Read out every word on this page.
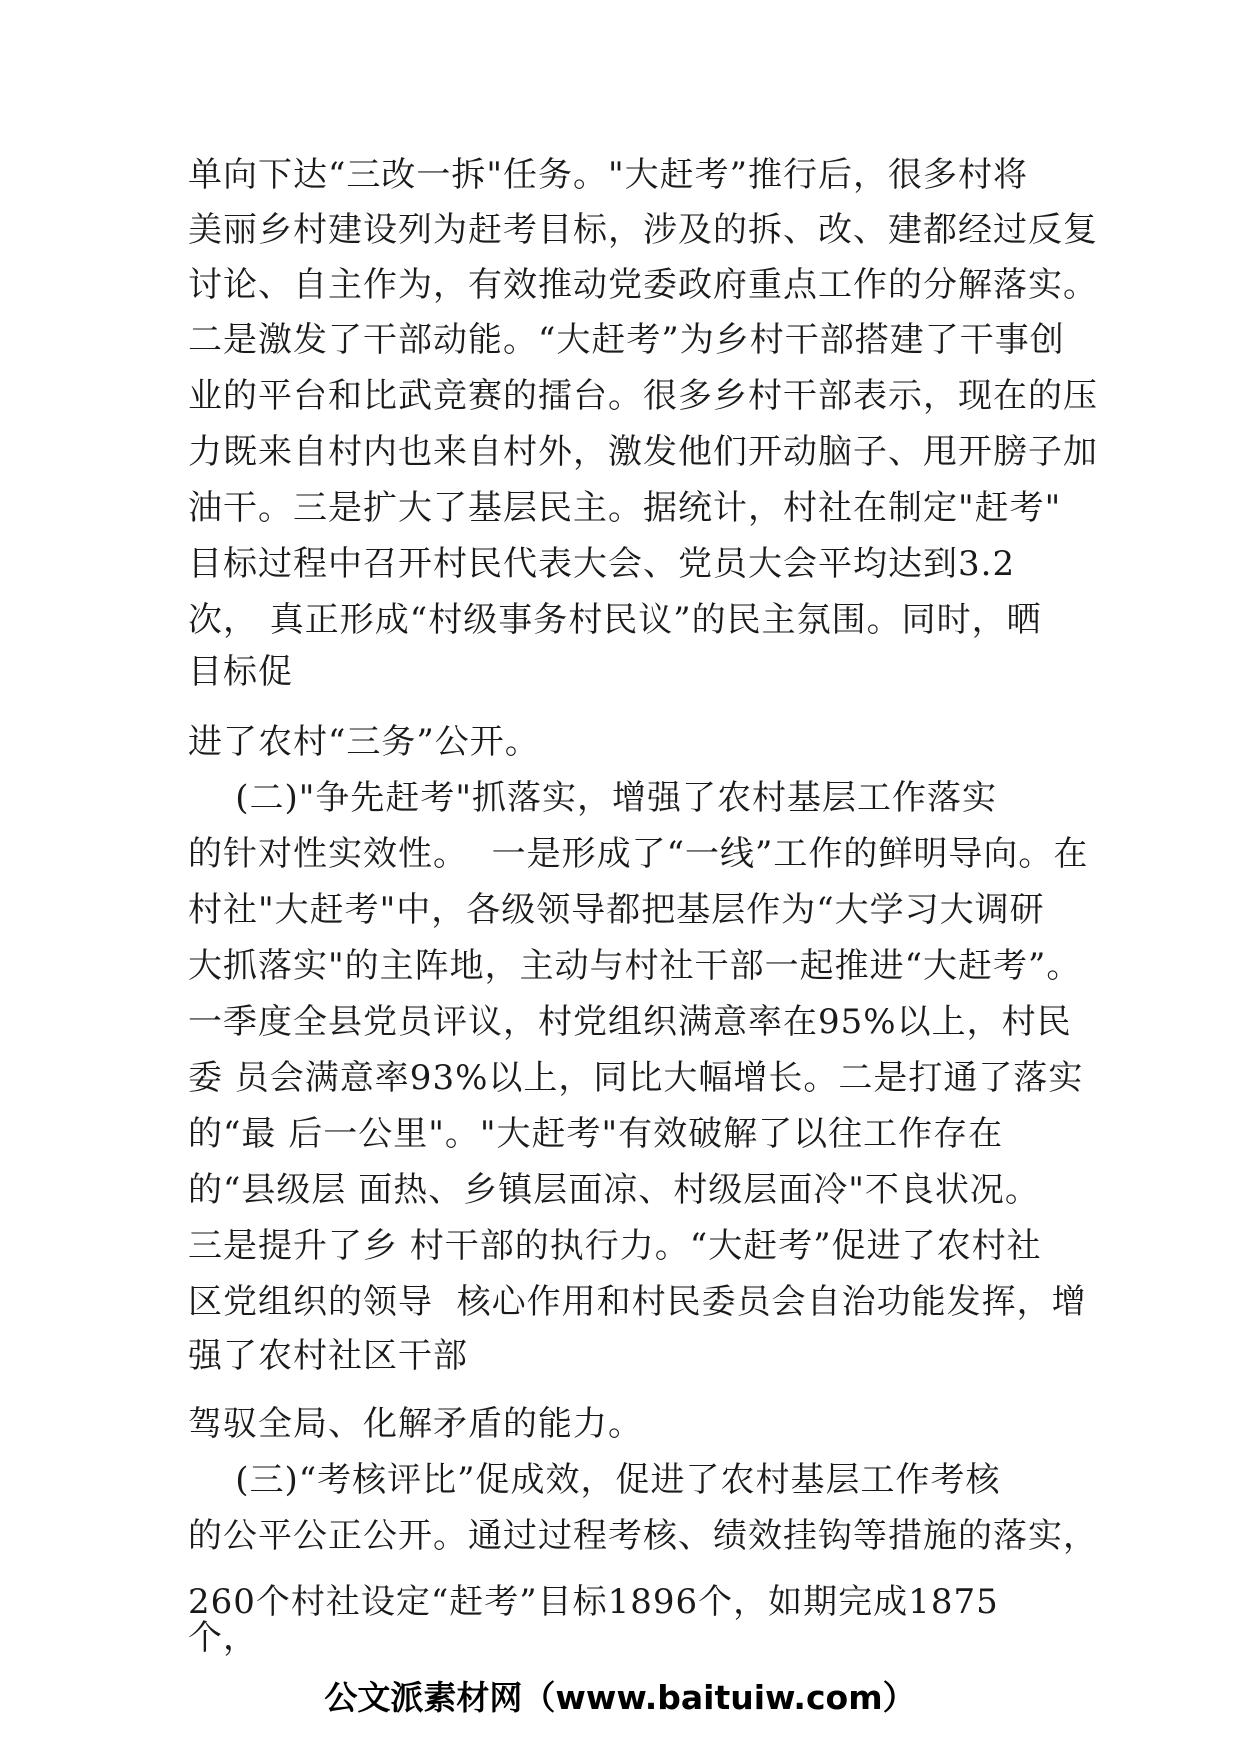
单向下达“三改一拆"任务。"大赶考”推行后，很多村将
美丽乡村建设列为赶考目标，涉及的拆、改、建都经过反复
讨论、自主作为，有效推动党委政府重点工作的分解落实。
二是激发了干部动能。“大赶考”为乡村干部搭建了干事创
业的平台和比武竞赛的擂台。很多乡村干部表示，现在的压
力既来自村内也来自村外，激发他们开动脑子、甩开膀子加
油干。三是扩大了基层民主。据统计，村社在制定"赶考"
目标过程中召开村民代表大会、党员大会平均达到3.2
次， 真正形成“村级事务村民议”的民主氛围。同时，晒
目标促
进了农村“三务”公开。
(二)"争先赶考"抓落实，增强了农村基层工作落实
的针对性实效性。  一是形成了“一线”工作的鲜明导向。在
村社"大赶考"中，各级领导都把基层作为“大学习大调研
大抓落实"的主阵地，主动与村社干部一起推进“大赶考”。
一季度全县党员评议，村党组织满意率在95%以上，村民
委 员会满意率93%以上，同比大幅增长。二是打通了落实
的“最 后一公里"。"大赶考"有效破解了以往工作存在
的“县级层 面热、乡镇层面凉、村级层面冷"不良状况。
三是提升了乡 村干部的执行力。“大赶考”促进了农村社
区党组织的领导  核心作用和村民委员会自治功能发挥，增
强了农村社区干部
驾驭全局、化解矛盾的能力。
(三)“考核评比”促成效，促进了农村基层工作考核
的公平公正公开。通过过程考核、绩效挂钩等措施的落实，
260个村社设定“赶考”目标1896个，如期完成1875
个，
公文派素材网（www.baituiw.com）
